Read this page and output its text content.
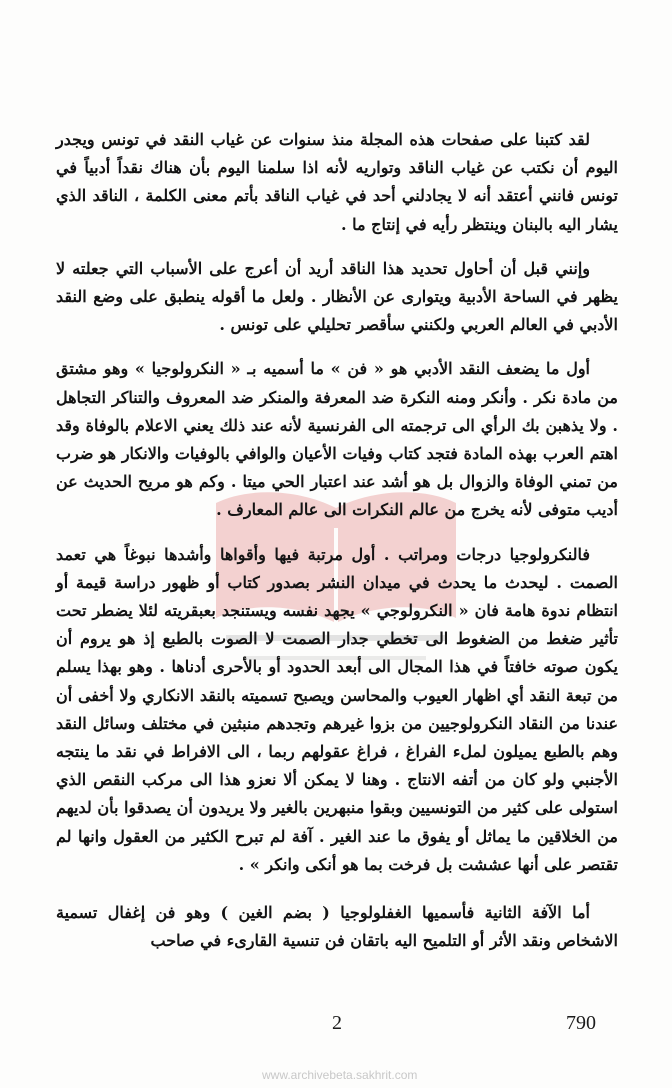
لقد كتبنا على صفحات هذه المجلة منذ سنوات عن غياب النقد في تونس ويجدر اليوم أن نكتب عن غياب الناقد وتواريه لأنه اذا سلمنا اليوم بأن هناك نقداً أدبياً في تونس فانني أعتقد أنه لا يجادلني أحد في غياب الناقد بأتم معنى الكلمة ، الناقد الذي يشار اليه بالبنان وينتظر رأيه في إنتاج ما .

وإنني قبل أن أحاول تحديد هذا الناقد أريد أن أعرج على الأسباب التي جعلته لا يظهر في الساحة الأدبية ويتوارى عن الأنظار . ولعل ما أقوله ينطبق على وضع النقد الأدبي في العالم العربي ولكنني سأقصر تحليلي على تونس .

أول ما يضعف النقد الأدبي هو « فن » ما أسميه بـ « النكرولوجيا » وهو مشتق من مادة نكر . وأنكر ومنه النكرة ضد المعرفة والمنكر ضد المعروف والتناكر التجاهل . ولا يذهبن بك الرأي الى ترجمته الى الفرنسية لأنه عند ذلك يعني الاعلام بالوفاة وقد اهتم العرب بهذه المادة فتجد كتاب وفيات الأعيان والوافي بالوفيات والانكار هو ضرب من تمني الوفاة والزوال بل هو أشد عند اعتبار الحي ميتا . وكم هو مريح الحديث عن أديب متوفى لأنه يخرج من عالم النكرات الى عالم المعارف .

فالنكرولوجيا درجات ومراتب . أول مرتبة فيها وأقواها وأشدها نبوغاً هي تعمد الصمت . ليحدث ما يحدث في ميدان النشر بصدور كتاب أو ظهور دراسة قيمة أو انتظام ندوة هامة فان « النكرولوجي » يجهد نفسه ويستنجد بعبقريته لئلا يضطر تحت تأثير ضغط من الضغوط الى تخطي جدار الصمت لا الصوت بالطبع إذ هو يروم أن يكون صوته خافتاً في هذا المجال الى أبعد الحدود أو بالأحرى أدناها . وهو بهذا يسلم من تبعة النقد أي اظهار العيوب والمحاسن ويصبح تسميته بالنقد الانكاري ولا أخفى أن عندنا من النقاد النكرولوجيين من بزوا غيرهم وتجدهم منبثين في مختلف وسائل النقد وهم بالطبع يميلون لملء الفراغ ، فراغ عقولهم ربما ، الى الافراط في نقد ما ينتجه الأجنبي ولو كان من أتفه الانتاج . وهنا لا يمكن ألا نعزو هذا الى مركب النقص الذي استولى على كثير من التونسيين وبقوا منبهرين بالغير ولا يريدون أن يصدقوا بأن لديهم من الخلاقين ما يماثل أو يفوق ما عند الغير . آفة لم تبرح الكثير من العقول وانها لم تقتصر على أنها عششت بل فرخت بما هو أنكى وانكر » .

أما الآفة الثانية فأسميها الغفلولوجيا ( بضم الغين ) وهو فن إغفال تسمية الاشخاص ونقد الأثر أو التلميح اليه باتقان فن تنسية القارىء في صاحب

790
2
www.archivebeta.sakhrit.com
